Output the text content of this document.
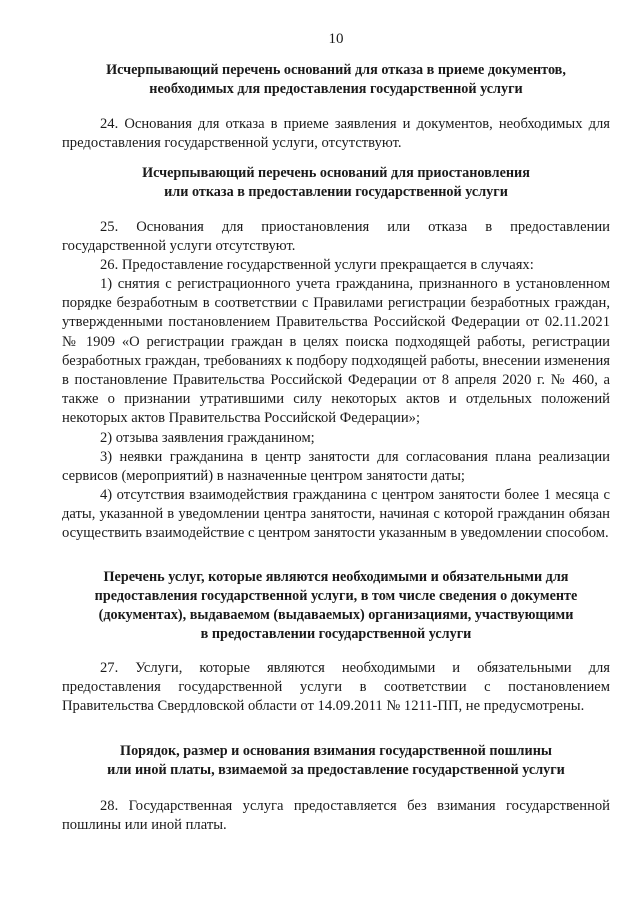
10
Исчерпывающий перечень оснований для отказа в приеме документов,
необходимых для предоставления государственной услуги

24. Основания для отказа в приеме заявления и документов, необходимых для предоставления государственной услуги, отсутствуют.

Исчерпывающий перечень оснований для приостановления
или отказа в предоставлении государственной услуги

25. Основания для приостановления или отказа в предоставлении государственной услуги отсутствуют.

26. Предоставление государственной услуги прекращается в случаях:

1) снятия с регистрационного учета гражданина, признанного в установленном порядке безработным в соответствии с Правилами регистрации безработных граждан, утвержденными постановлением Правительства Российской Федерации от 02.11.2021 № 1909 «О регистрации граждан в целях поиска подходящей работы, регистрации безработных граждан, требованиях к подбору подходящей работы, внесении изменения в постановление Правительства Российской Федерации от 8 апреля 2020 г. № 460, а также о признании утратившими силу некоторых актов и отдельных положений некоторых актов Правительства Российской Федерации»;

2) отзыва заявления гражданином;

3) неявки гражданина в центр занятости для согласования плана реализации сервисов (мероприятий) в назначенные центром занятости даты;

4) отсутствия взаимодействия гражданина с центром занятости более 1 месяца с даты, указанной в уведомлении центра занятости, начиная с которой гражданин обязан осуществить взаимодействие с центром занятости указанным в уведомлении способом.

Перечень услуг, которые являются необходимыми и обязательными для
предоставления государственной услуги, в том числе сведения о документе
(документах), выдаваемом (выдаваемых) организациями, участвующими
в предоставлении государственной услуги

27. Услуги, которые являются необходимыми и обязательными для предоставления государственной услуги в соответствии с постановлением Правительства Свердловской области от 14.09.2011 № 1211-ПП, не предусмотрены.

Порядок, размер и основания взимания государственной пошлины
или иной платы, взимаемой за предоставление государственной услуги

28. Государственная услуга предоставляется без взимания государственной пошлины или иной платы.
